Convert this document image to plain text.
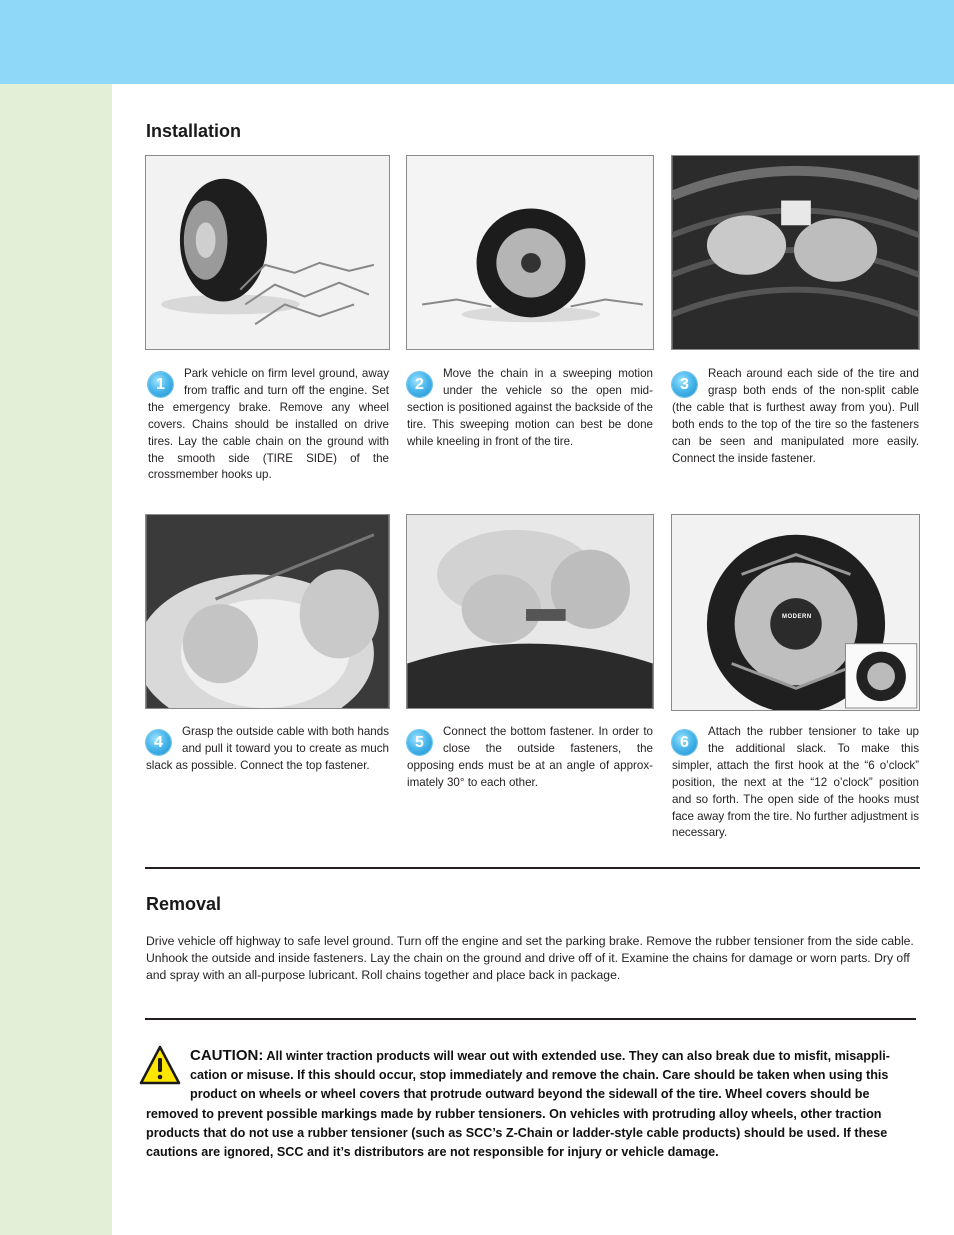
Installation
1
Park vehicle on firm level ground, away from traffic and turn off the engine. Set the emergency brake. Remove any wheel covers. Chains should be installed on drive tires. Lay the cable chain on the ground with the smooth side (TIRE SIDE) of the crossmember hooks up.
2
Move the chain in a sweeping motion under the vehicle so the open mid-section is positioned against the backside of the tire. This sweeping motion can best be done while kneeling in front of the tire.
3
Reach around each side of the tire and grasp both ends of the non-split cable (the cable that is furthest away from you). Pull both ends to the top of the tire so the fasteners can be seen and manipulated more easily. Connect the inside fastener.
MODERN
4
Grasp the outside cable with both hands and pull it toward you to create as much slack as possible. Connect the top fastener.
5
Connect the bottom fastener. In order to close the outside fasteners, the opposing ends must be at an angle of approx-imately 30° to each other.
6
Attach the rubber tensioner to take up the additional slack. To make this simpler, attach the first hook at the “6 o’clock” position, the next at the “12 o’clock” position and so forth. The open side of the hooks must face away from the tire. No further adjustment is necessary.
Removal
Drive vehicle off highway to safe level ground. Turn off the engine and set the parking brake. Remove the rubber tensioner from the side cable. Unhook the outside and inside fasteners. Lay the chain on the ground and drive off of it. Examine the chains for damage or worn parts. Dry off and spray with an all-purpose lubricant. Roll chains together and place back in package.
CAUTION: All winter traction products will wear out with extended use. They can also break due to misfit, misappli-cation or misuse. If this should occur, stop immediately and remove the chain. Care should be taken when using this product on wheels or wheel covers that protrude outward beyond the sidewall of the tire. Wheel covers should be removed to prevent possible markings made by rubber tensioners. On vehicles with protruding alloy wheels, other traction products that do not use a rubber tensioner (such as SCC’s Z-Chain or ladder-style cable products) should be used. If these cautions are ignored, SCC and it’s distributors are not responsible for injury or vehicle damage.
